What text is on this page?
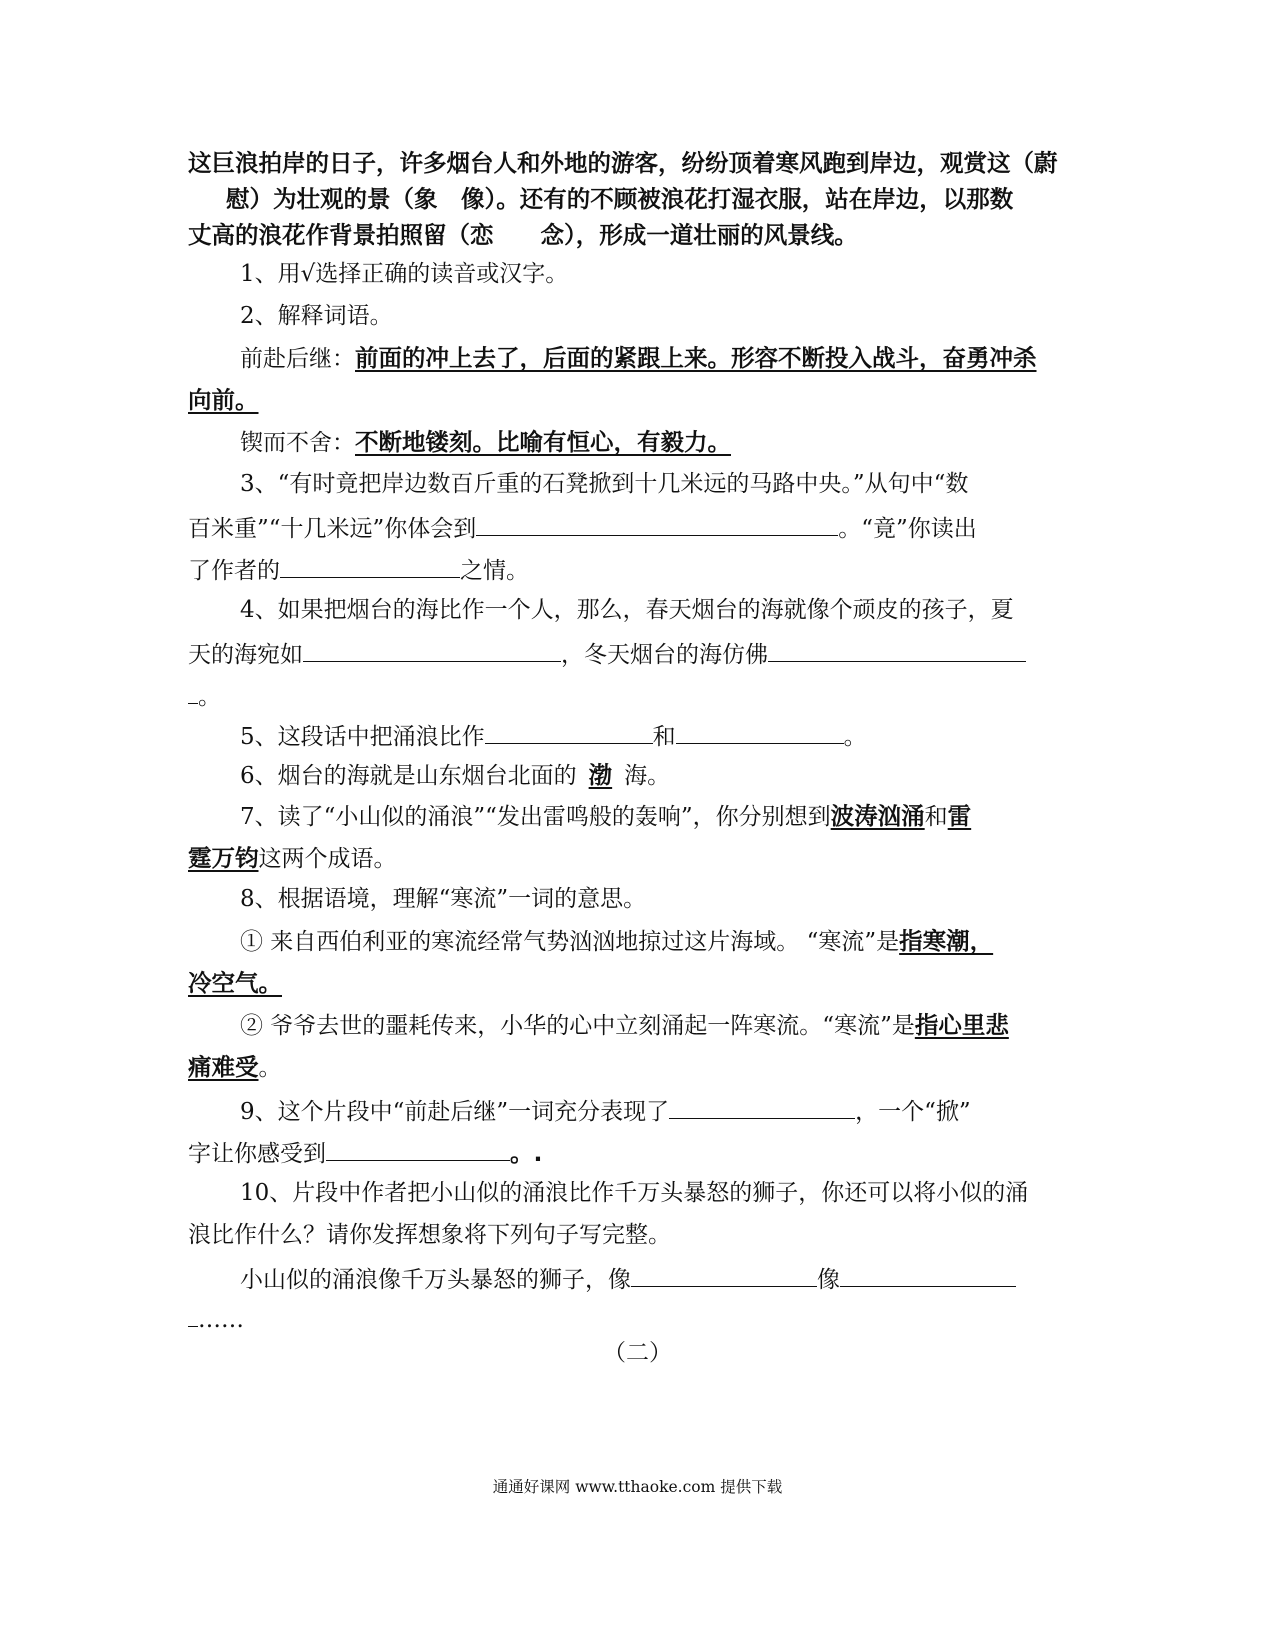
这巨浪拍岸的日子，许多烟台人和外地的游客，纷纷顶着寒风跑到岸边，观赏这（蔚
慰）为壮观的景（象　像）。还有的不顾被浪花打湿衣服，站在岸边，以那数
丈高的浪花作背景拍照留（恋　　念），形成一道壮丽的风景线。
1、用√选择正确的读音或汉字。
2、解释词语。
前赴后继：前面的冲上去了，后面的紧跟上来。形容不断投入战斗，奋勇冲杀
向前。
锲而不舍：不断地镂刻。比喻有恒心，有毅力。
3、“有时竟把岸边数百斤重的石凳掀到十几米远的马路中央。”从句中“数
百米重”“十几米远”你体会到	。“竟”你读出
了作者的	之情。
4、如果把烟台的海比作一个人，那么，春天烟台的海就像个顽皮的孩子，夏
天的海宛如	，冬天烟台的海仿佛
。
5、这段话中把涌浪比作	和	。
6、烟台的海就是山东烟台北面的 渤 海。
7、读了“小山似的涌浪”“发出雷鸣般的轰响”，你分别想到波涛汹涌和雷
霆万钧这两个成语。
8、根据语境，理解“寒流”一词的意思。
① 来自西伯利亚的寒流经常气势汹汹地掠过这片海域。 “寒流”是指寒潮，
冷空气。
② 爷爷去世的噩耗传来，小华的心中立刻涌起一阵寒流。“寒流”是指心里悲
痛难受。
9、这个片段中“前赴后继”一词充分表现了	，一个“掀”
字让你感受到	。.
10、片段中作者把小山似的涌浪比作千万头暴怒的狮子，你还可以将小似的涌
浪比作什么？请你发挥想象将下列句子写完整。
小山似的涌浪像千万头暴怒的狮子，像	像
……
（二）
通通好课网 www.tthaoke.com 提供下载
